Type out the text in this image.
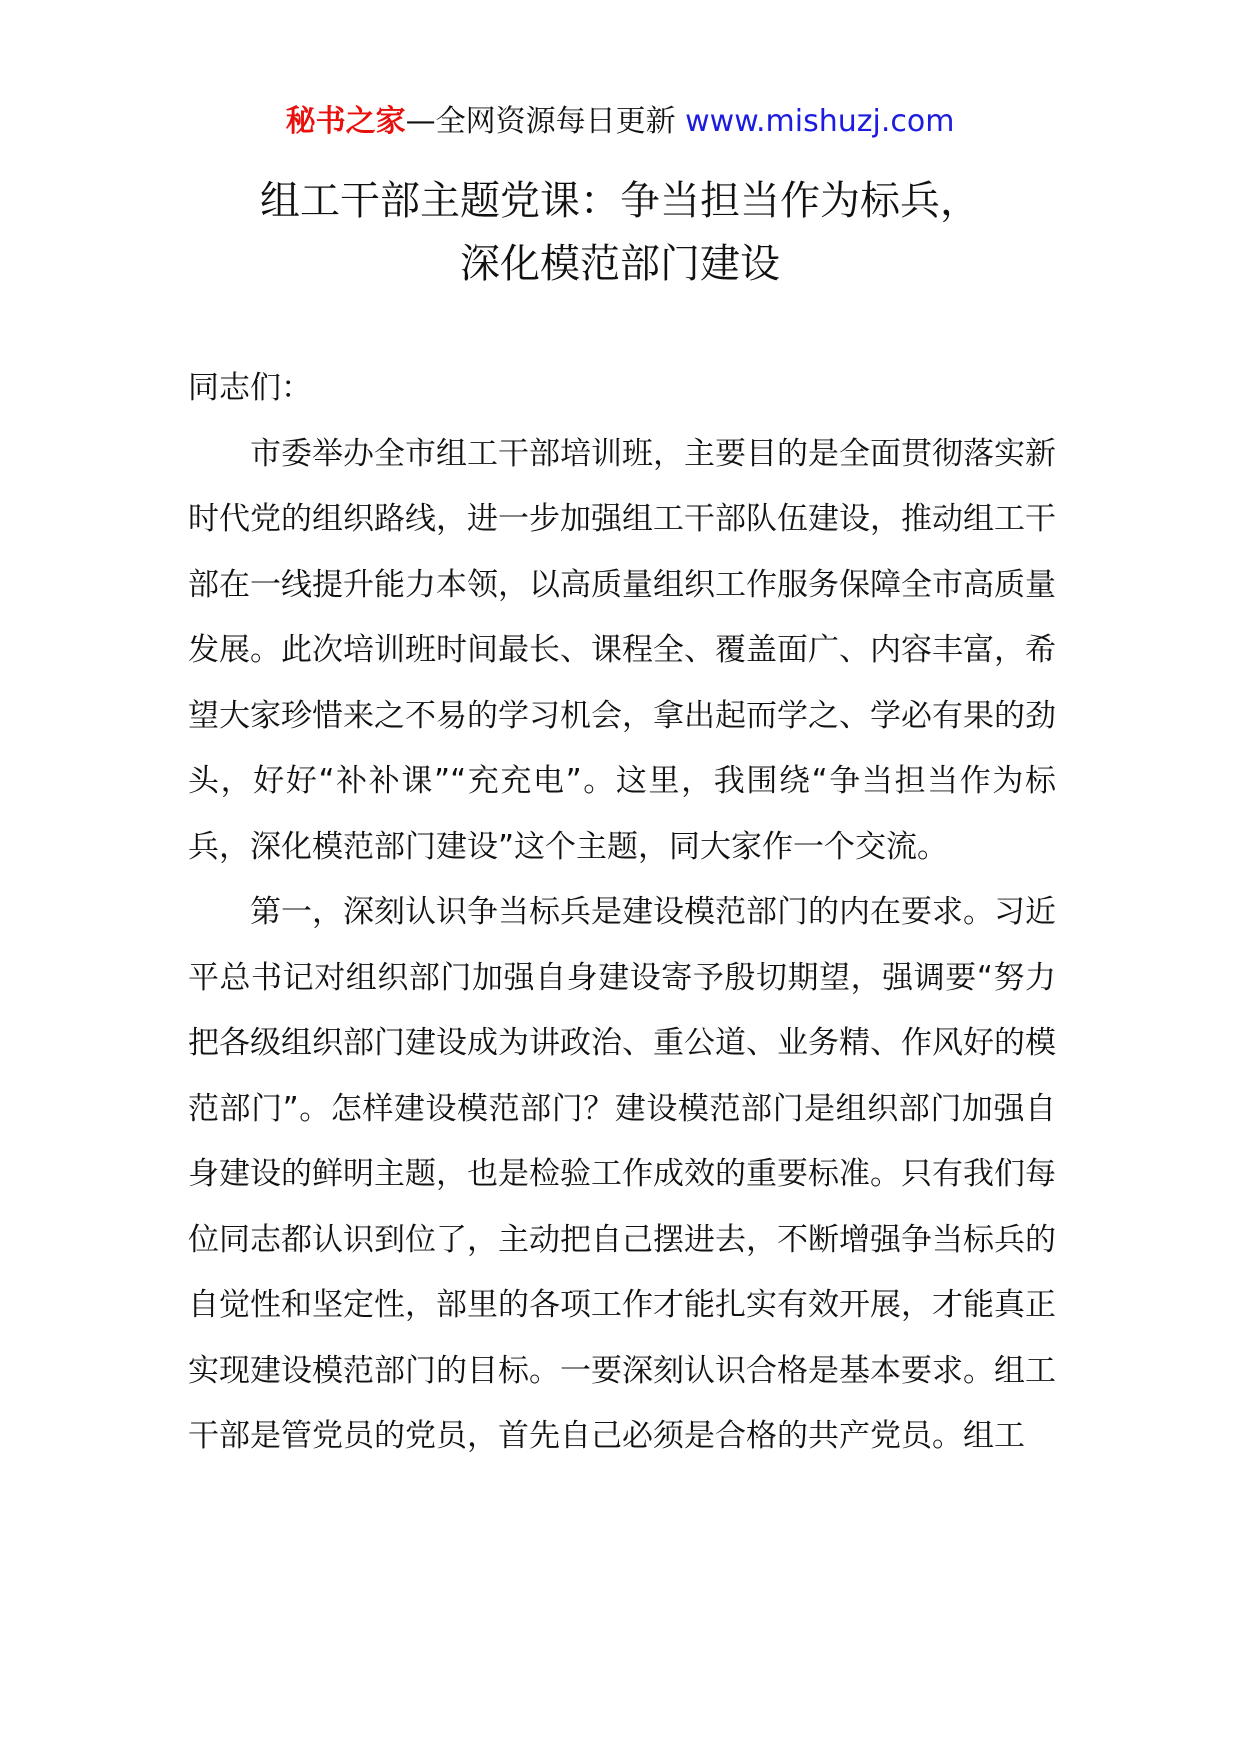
秘书之家—全网资源每日更新 www.mishuzj.com
组工干部主题党课：争当担当作为标兵，
深化模范部门建设

同志们：

市委举办全市组工干部培训班，主要目的是全面贯彻落实新时代党的组织路线，进一步加强组工干部队伍建设，推动组工干部在一线提升能力本领，以高质量组织工作服务保障全市高质量发展。此次培训班时间最长、课程全、覆盖面广、内容丰富，希望大家珍惜来之不易的学习机会，拿出起而学之、学必有果的劲头，好好“补补课”“充充电”。这里，我围绕“争当担当作为标兵，深化模范部门建设”这个主题，同大家作一个交流。

第一，深刻认识争当标兵是建设模范部门的内在要求。习近平总书记对组织部门加强自身建设寄予殷切期望，强调要“努力把各级组织部门建设成为讲政治、重公道、业务精、作风好的模范部门”。怎样建设模范部门？建设模范部门是组织部门加强自身建设的鲜明主题，也是检验工作成效的重要标准。只有我们每位同志都认识到位了，主动把自己摆进去，不断增强争当标兵的自觉性和坚定性，部里的各项工作才能扎实有效开展，才能真正实现建设模范部门的目标。一要深刻认识合格是基本要求。组工干部是管党员的党员，首先自己必须是合格的共产党员。组工
